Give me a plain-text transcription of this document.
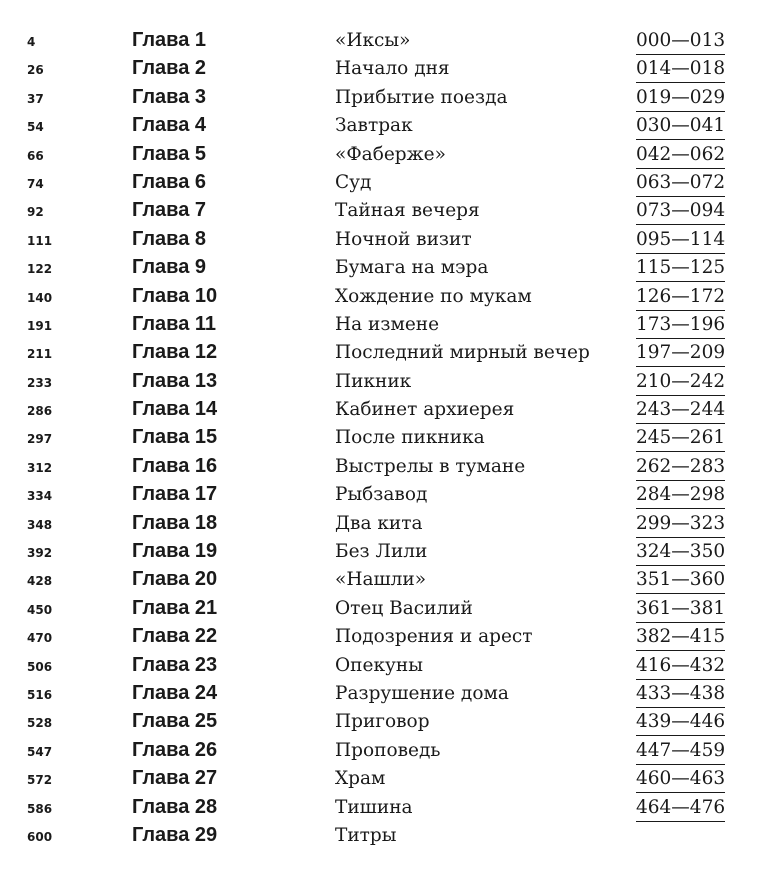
4	Глава 1	«Иксы»	000—013
26	Глава 2	Начало дня	014—018
37	Глава 3	Прибытие поезда	019—029
54	Глава 4	Завтрак	030—041
66	Глава 5	«Фаберже»	042—062
74	Глава 6	Суд	063—072
92	Глава 7	Тайная вечеря	073—094
111	Глава 8	Ночной визит	095—114
122	Глава 9	Бумага на мэра	115—125
140	Глава 10	Хождение по мукам	126—172
191	Глава 11	На измене	173—196
211	Глава 12	Последний мирный вечер 197—209
233	Глава 13	Пикник	210—242
286	Глава 14	Кабинет архиерея	243—244
297	Глава 15	После пикника	245—261
312	Глава 16	Выстрелы в тумане	262—283
334	Глава 17	Рыбзавод	284—298
348	Глава 18	Два кита	299—323
392	Глава 19	Без Лили	324—350
428	Глава 20	«Нашли»	351—360
450	Глава 21	Отец Василий	361—381
470	Глава 22	Подозрения и арест	382—415
506	Глава 23	Опекуны	416—432
516	Глава 24	Разрушение дома	433—438
528	Глава 25	Приговор	439—446
547	Глава 26	Проповедь	447—459
572	Глава 27	Храм	460—463
586	Глава 28	Тишина	464—476
600	Глава 29	Титры
